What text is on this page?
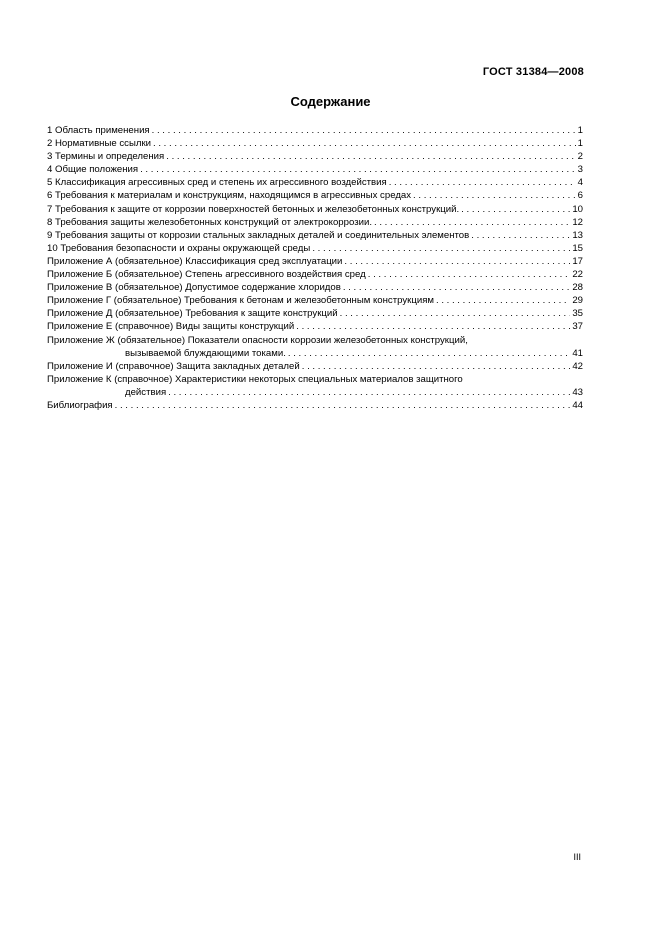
ГОСТ 31384—2008
Содержание
1 Область применения . . .	1
2 Нормативные ссылки . . .	1
3 Термины и определения . . .	2
4 Общие положения . . .	3
5 Классификация агрессивных сред и степень их агрессивного воздействия . . .	4
6 Требования к материалам и конструкциям, находящимся в агрессивных средах . . .	6
7 Требования к защите от коррозии поверхностей бетонных и железобетонных конструкций. . . .	10
8 Требования защиты железобетонных конструкций от электрокоррозии. . . .	12
9 Требования защиты от коррозии стальных закладных деталей и соединительных элементов . . .	13
10 Требования безопасности и охраны окружающей среды . . .	15
Приложение А (обязательное) Классификация сред эксплуатации . . .	17
Приложение Б (обязательное) Степень агрессивного воздействия сред . . .	22
Приложение В (обязательное) Допустимое содержание хлоридов . . .	28
Приложение Г (обязательное) Требования к бетонам и железобетонным конструкциям . . .	29
Приложение Д (обязательное) Требования к защите конструкций . . .	35
Приложение Е (справочное) Виды защиты конструкций . . .	37
Приложение Ж (обязательное) Показатели опасности коррозии железобетонных конструкций,
вызываемой блуждающими токами. . . .	41
Приложение И (справочное) Защита закладных деталей . . .	42
Приложение К (справочное) Характеристики некоторых специальных материалов защитного
действия . . .	43
Библиография . . .	44
III
